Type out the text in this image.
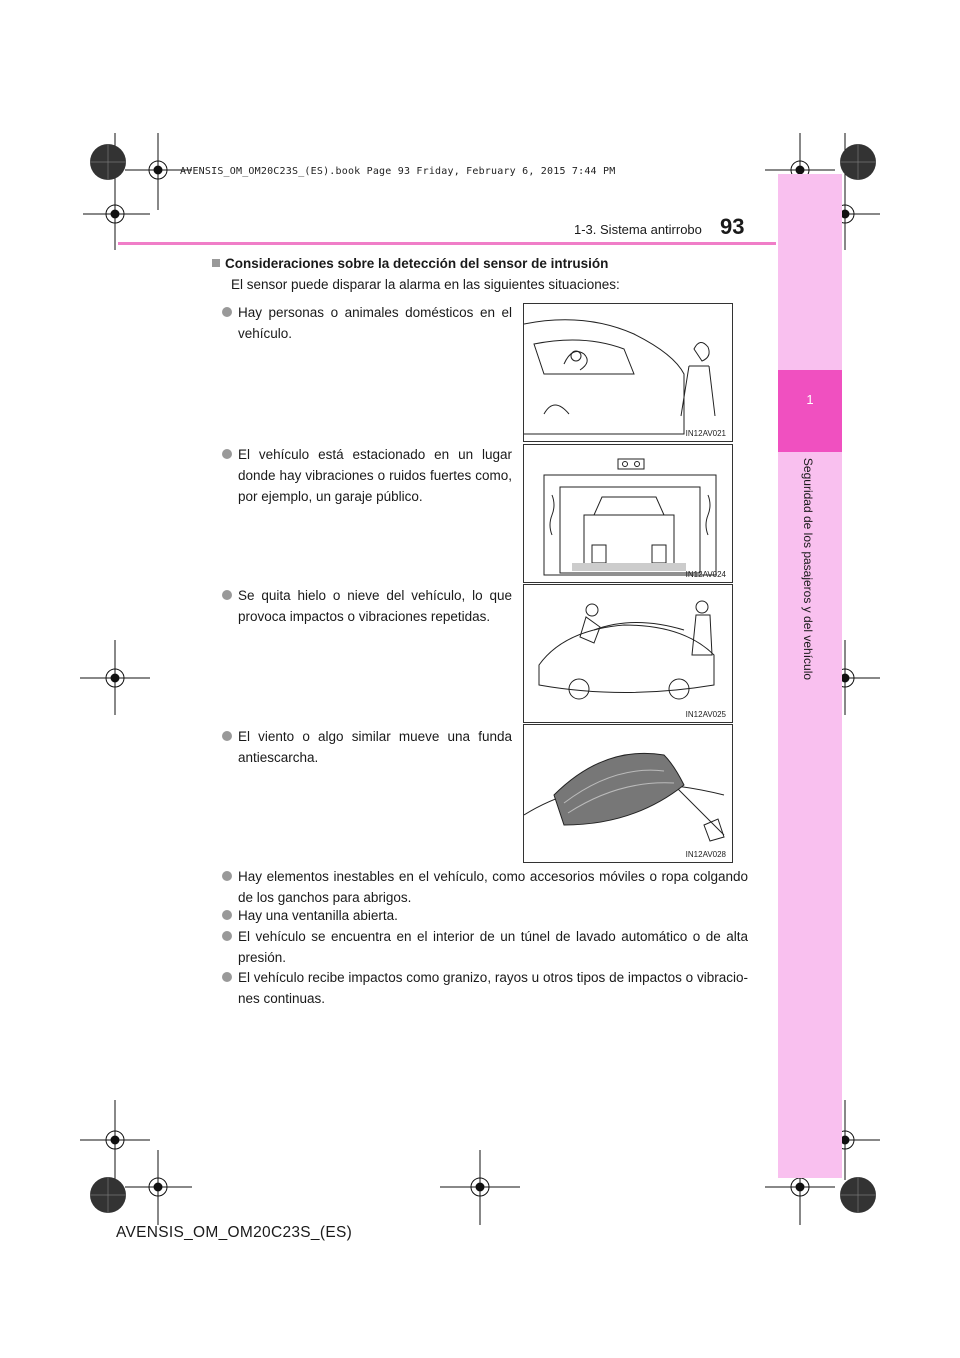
AVENSIS_OM_OM20C23S_(ES).book Page 93 Friday, February 6, 2015 7:44 PM
1
Seguridad de los pasajeros y del vehículo
1-3. Sistema antirrobo 93
Consideraciones sobre la detección del sensor de intrusión
El sensor puede disparar la alarma en las siguientes situaciones:
Hay personas o animales domésticos en el vehículo.
El vehículo está estacionado en un lugar donde hay vibraciones o ruidos fuertes como, por ejemplo, un garaje público.
Se quita hielo o nieve del vehículo, lo que provoca impactos o vibraciones repetidas.
El viento o algo similar mueve una funda antiescarcha.
Hay elementos inestables en el vehículo, como accesorios móviles o ropa colgando de los ganchos para abrigos.
Hay una ventanilla abierta.
El vehículo se encuentra en el interior de un túnel de lavado automático o de alta presión.
El vehículo recibe impactos como granizo, rayos u otros tipos de impactos o vibracio-nes continuas.
IN12AV021
IN12AV024
IN12AV025
IN12AV028
AVENSIS_OM_OM20C23S_(ES)
